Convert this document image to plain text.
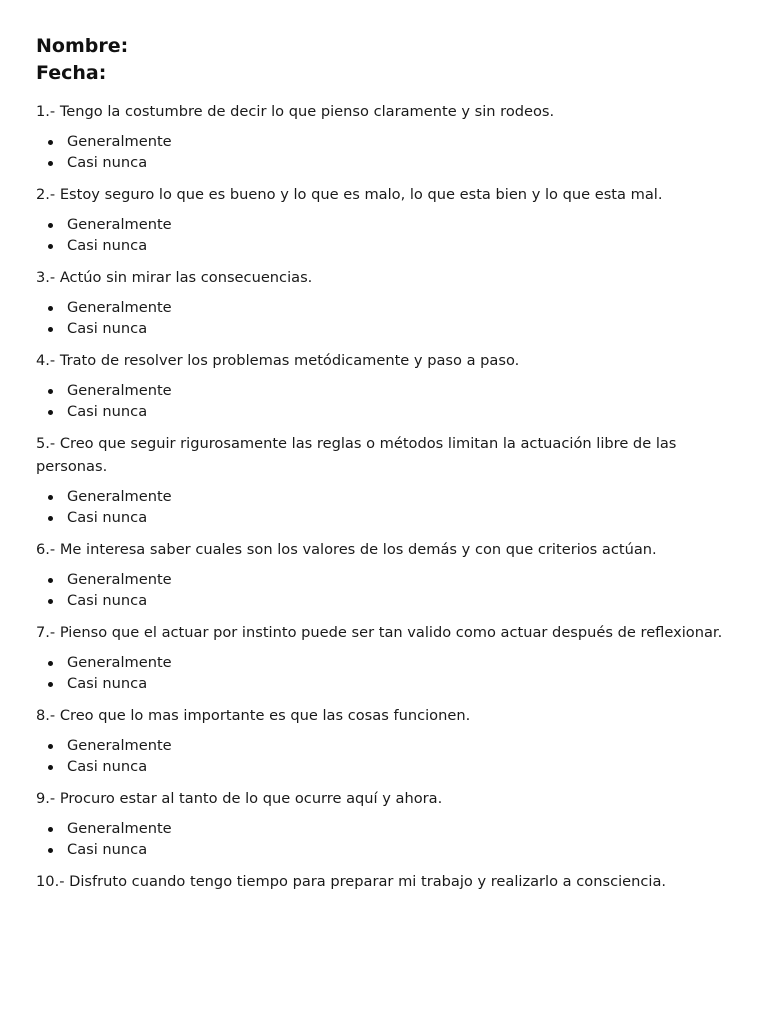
Nombre:

Fecha:

1.- Tengo la costumbre de decir lo que pienso claramente y sin rodeos.

Generalmente
Casi nunca

2.- Estoy seguro lo que es bueno y lo que es malo, lo que esta bien y lo que esta mal.

Generalmente
Casi nunca

3.- Actúo sin mirar las consecuencias.

Generalmente
Casi nunca

4.- Trato de resolver los problemas metódicamente y paso a paso.

Generalmente
Casi nunca

5.- Creo que seguir rigurosamente las reglas o métodos limitan la actuación libre de las personas.

Generalmente
Casi nunca

6.- Me interesa saber cuales son los valores de los demás y con que criterios actúan.

Generalmente
Casi nunca

7.- Pienso que el actuar por instinto puede ser tan valido como actuar después de reflexionar.

Generalmente
Casi nunca

8.- Creo que lo mas importante es que las cosas funcionen.

Generalmente
Casi nunca

9.- Procuro estar al tanto de lo que ocurre aquí y ahora.

Generalmente
Casi nunca

10.- Disfruto cuando tengo tiempo para preparar mi trabajo y realizarlo a consciencia.
